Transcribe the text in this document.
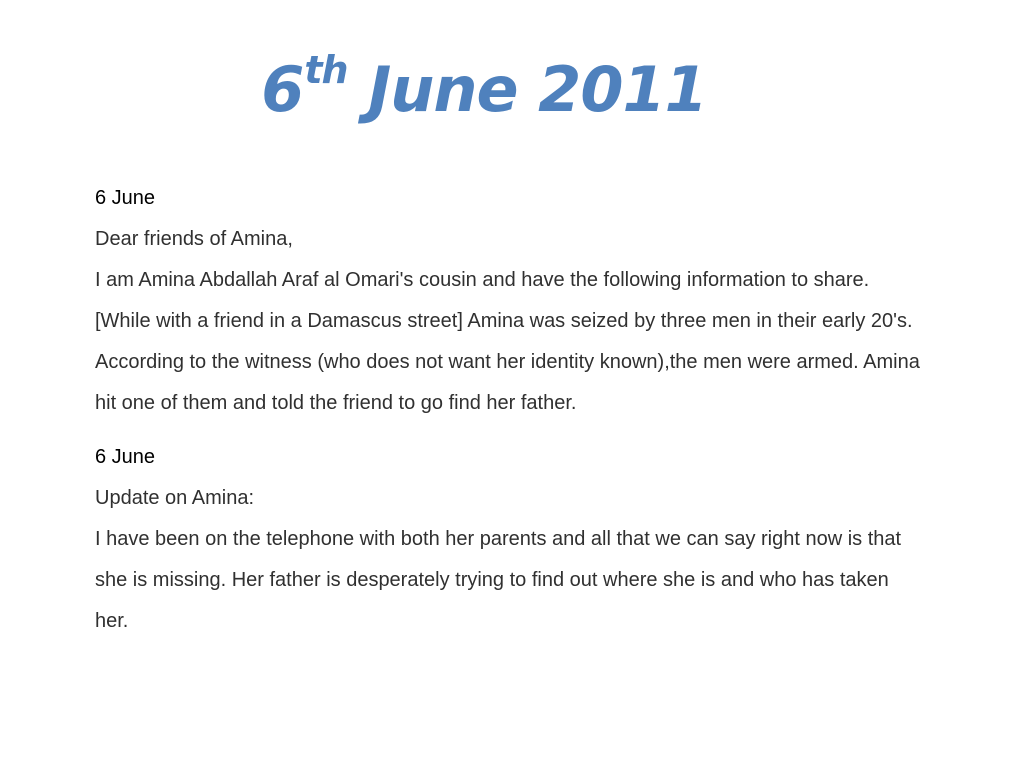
6th June 2011

6 June

Dear friends of Amina,

I am Amina Abdallah Araf al Omari's cousin and have the following information to share. [While with a friend in a Damascus street] Amina was seized by three men in their early 20's. According to the witness (who does not want her identity known),the men were armed. Amina hit one of them and told the friend to go find her father.

6 June

Update on Amina:

I have been on the telephone with both her parents and all that we can say right now is that she is missing. Her father is desperately trying to find out where she is and who has taken her.
